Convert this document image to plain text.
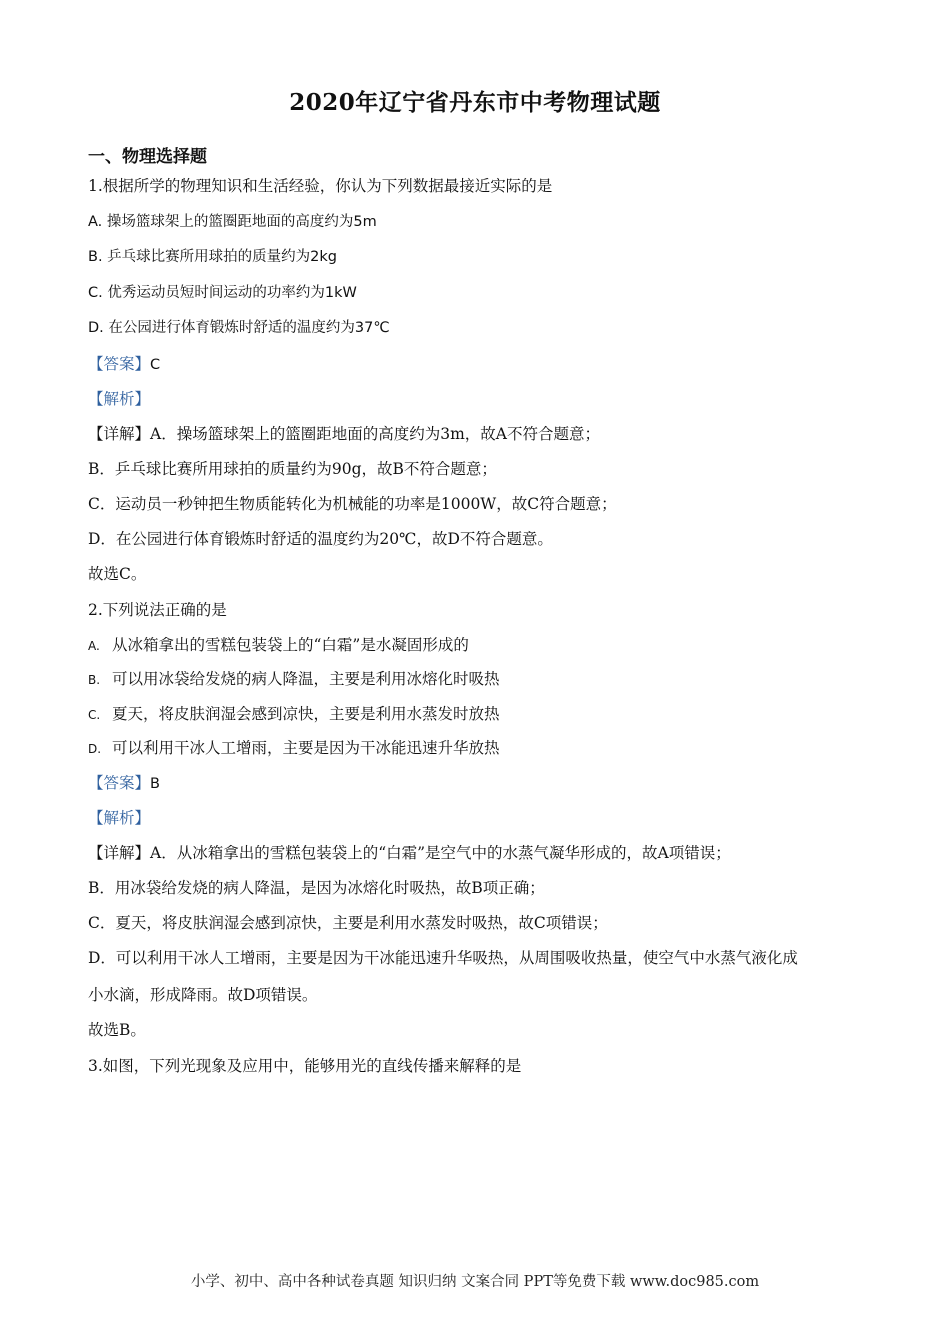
2020年辽宁省丹东市中考物理试题
一、物理选择题
1.根据所学的物理知识和生活经验，你认为下列数据最接近实际的是
A. 操场篮球架上的篮圈距地面的高度约为5m
B. 乒乓球比赛所用球拍的质量约为2kg
C. 优秀运动员短时间运动的功率约为1kW
D. 在公园进行体育锻炼时舒适的温度约为37℃
【答案】C
【解析】
【详解】A．操场篮球架上的篮圈距地面的高度约为3m，故A不符合题意；
B．乒乓球比赛所用球拍的质量约为90g，故B不符合题意；
C．运动员一秒钟把生物质能转化为机械能的功率是1000W，故C符合题意；
D．在公园进行体育锻炼时舒适的温度约为20℃，故D不符合题意。
故选C。
2.下列说法正确的是
A. 从冰箱拿出的雪糕包装袋上的“白霜”是水凝固形成的
B. 可以用冰袋给发烧的病人降温，主要是利用冰熔化时吸热
C. 夏天，将皮肤润湿会感到凉快，主要是利用水蒸发时放热
D. 可以利用干冰人工增雨，主要是因为干冰能迅速升华放热
【答案】B
【解析】
【详解】A．从冰箱拿出的雪糕包装袋上的“白霜”是空气中的水蒸气凝华形成的，故A项错误；
B．用冰袋给发烧的病人降温，是因为冰熔化时吸热，故B项正确；
C．夏天，将皮肤润湿会感到凉快，主要是利用水蒸发时吸热，故C项错误；
D．可以利用干冰人工增雨，主要是因为干冰能迅速升华吸热，从周围吸收热量，使空气中水蒸气液化成
小水滴，形成降雨。故D项错误。
故选B。
3.如图，下列光现象及应用中，能够用光的直线传播来解释的是
小学、初中、高中各种试卷真题 知识归纳 文案合同 PPT等免费下载 www.doc985.com
